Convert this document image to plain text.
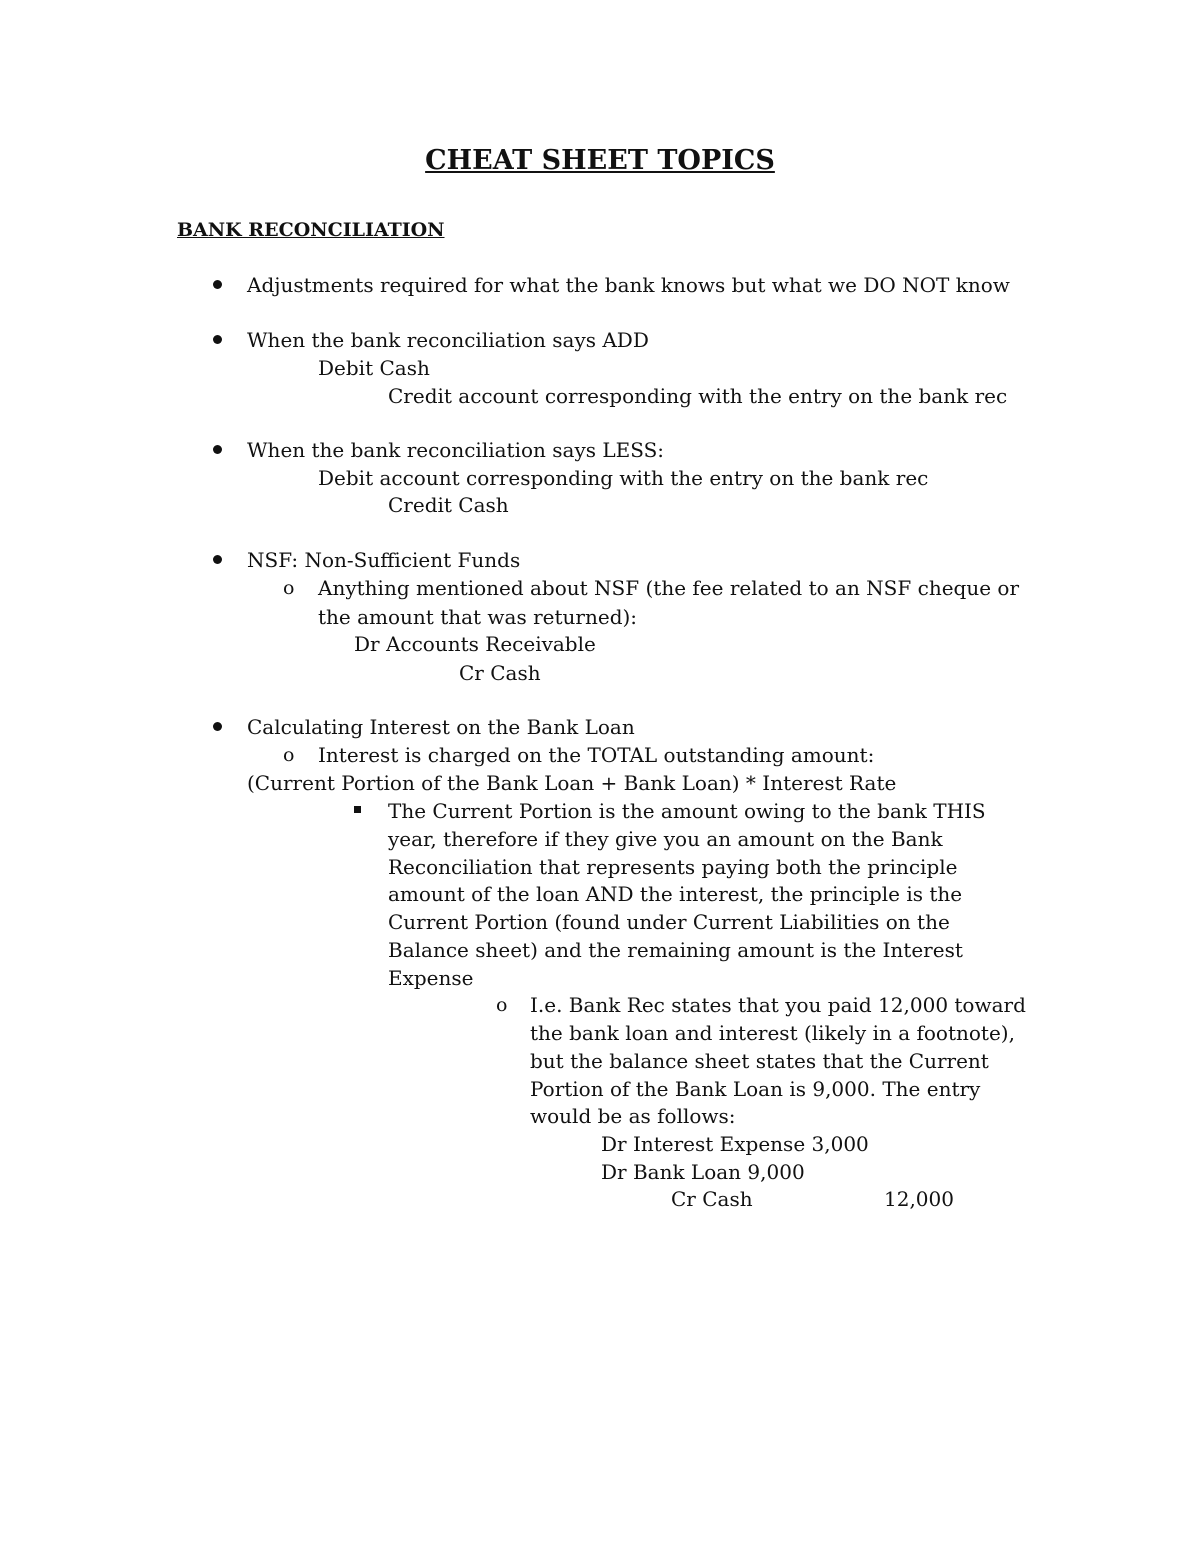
CHEAT SHEET TOPICS
BANK RECONCILIATION
Adjustments required for what the bank knows but what we DO NOT know
When the bank reconciliation says ADD
Debit Cash
Credit account corresponding with the entry on the bank rec
When the bank reconciliation says LESS:
Debit account corresponding with the entry on the bank rec
Credit Cash
NSF: Non-Sufficient Funds
o Anything mentioned about NSF (the fee related to an NSF cheque or
the amount that was returned):
Dr Accounts Receivable
Cr Cash
Calculating Interest on the Bank Loan
o Interest is charged on the TOTAL outstanding amount:
(Current Portion of the Bank Loan + Bank Loan) * Interest Rate
The Current Portion is the amount owing to the bank THIS
year, therefore if they give you an amount on the Bank
Reconciliation that represents paying both the principle
amount of the loan AND the interest, the principle is the
Current Portion (found under Current Liabilities on the
Balance sheet) and the remaining amount is the Interest
Expense
o I.e. Bank Rec states that you paid 12,000 toward
the bank loan and interest (likely in a footnote),
but the balance sheet states that the Current
Portion of the Bank Loan is 9,000. The entry
would be as follows:
Dr Interest Expense 3,000
Dr Bank Loan 9,000
Cr Cash	12,000
